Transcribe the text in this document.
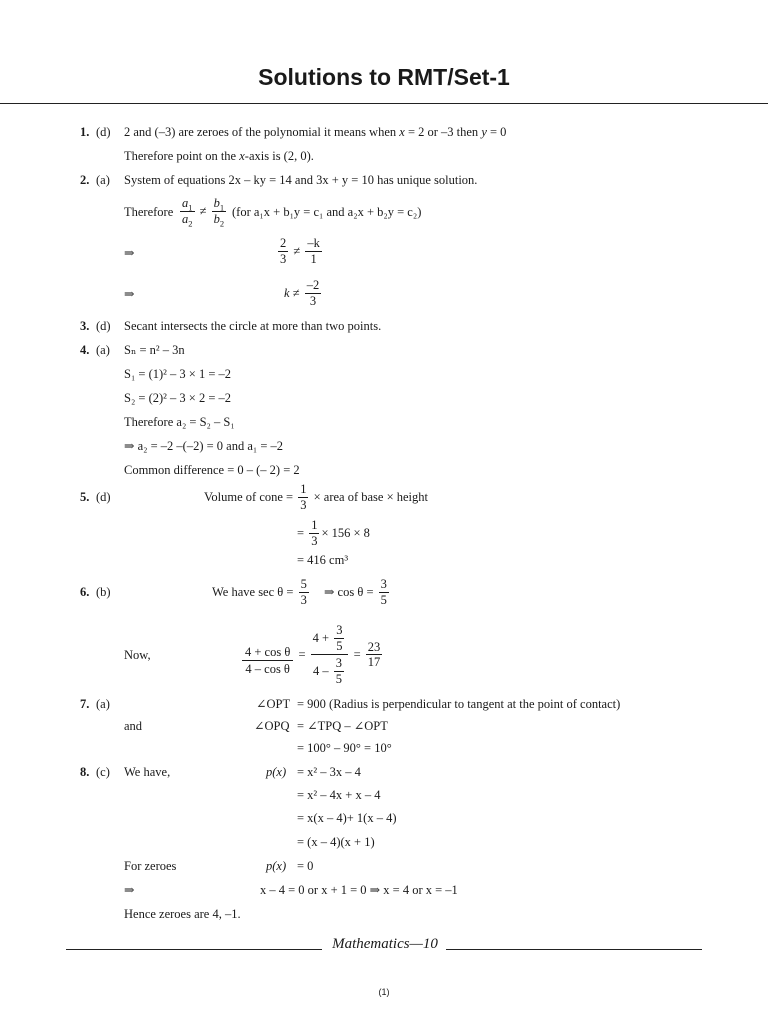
Solutions to RMT/Set-1
1. (d) 2 and (–3) are zeroes of the polynomial it means when x = 2 or –3 then y = 0
Therefore point on the x-axis is (2, 0).
2. (a) System of equations 2x – ky = 14 and 3x + y = 10 has unique solution.
Therefore $\frac{a_1}{a_2} \ne \frac{b_1}{b_2} (for$ a₁x + b₁y = c₁ and a₂x + b₂y = c₂)
⇒	$\frac{2}{3} \ne \frac{-k}{1}$
⇒	$k \ne \frac{-2}{3}$
3. (d) Secant intersects the circle at more than two points.
4. (a) Sₙ = n² – 3n
S₁ = (1)² – 3 × 1 = –2
S₂ = (2)² – 3 × 2 = –2
Therefore a₂ = S₂ – S₁
⇒ a₂ = –2 –(–2) = 0 and a₁ = –2
Common difference = 0 – (– 2) = 2
5. (d)	Volume of cone = $\frac{1}{3}$ × area of base × height
= $\frac{1}{3} \times 156 \times 8$
= 416 cm³
6. (b)	We have $\sec \theta = \frac{5}{3}$ ⇒ $\cos \theta = \frac{3}{5}$
Now,	$\frac{\text{4 + cos θ}}{\text{4 – cos θ}} = \frac{4 + \frac{3}{5}}{4 - \frac{3}{5}} = \frac{23}{17}$
7. (a)	∠OPT = 900 (Radius is perpendicular to tangent at the point of contact)
and	∠OPQ = ∠TPQ – ∠OPT
= 100° – 90° = 10°
8. (c) We have,	p(x) = x² – 3x – 4
= x² – 4x + x – 4
= x(x – 4)+ 1(x – 4)
= (x – 4)(x + 1)
For zeroes	p(x) = 0
⇒	x – 4 = 0 or x + 1 = 0 ⇒ x = 4 or x = –1
Hence zeroes are 4, –1.
Mathematics—10
(1)
